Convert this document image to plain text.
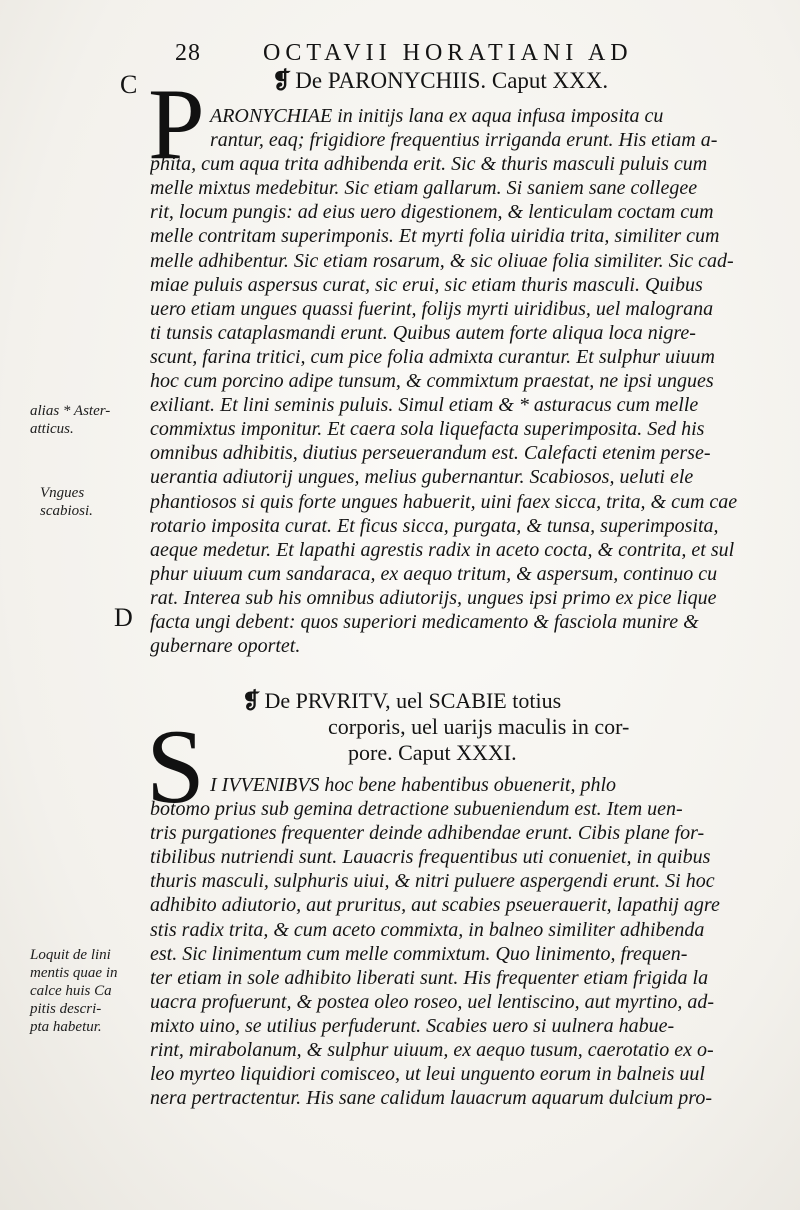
28	OCTAVII HORATIANI AD
C	❡ De PARONYCHIIS. Caput XXX.
P ARONYCHIAE in initijs lana ex aqua infusa imposita cu
rantur, eaq; frigidiore frequentius irriganda erunt. His etiam a-
phita, cum aqua trita adhibenda erit. Sic & thuris masculi puluis cum
melle mixtus medebitur. Sic etiam gallarum. Si saniem sane collegee
rit, locum pungis: ad eius uero digestionem, & lenticulam coctam cum
melle contritam superimponis. Et myrti folia uiridia trita, similiter cum
melle adhibentur. Sic etiam rosarum, & sic oliuae folia similiter. Sic cad-
miae puluis aspersus curat, sic erui, sic etiam thuris masculi. Quibus
uero etiam ungues quassi fuerint, folijs myrti uiridibus, uel malograna
ti tunsis cataplasmandi erunt. Quibus autem forte aliqua loca nigre-
scunt, farina tritici, cum pice folia admixta curantur. Et sulphur uiuum
hoc cum porcino adipe tunsum, & commixtum praestat, ne ipsi ungues
exiliant. Et lini seminis puluis. Simul etiam & * asturacus cum melle
commixtus imponitur. Et caera sola liquefacta superimposita. Sed his
omnibus adhibitis, diutius perseuerandum est. Calefacti etenim perse-
uerantia adiutorij ungues, melius gubernantur. Scabiosos, ueluti ele
phantiosos si quis forte ungues habuerit, uini faex sicca, trita, & cum cae
rotario imposita curat. Et ficus sicca, purgata, & tunsa, superimposita,
aeque medetur. Et lapathi agrestis radix in aceto cocta, & contrita, et sul
phur uiuum cum sandaraca, ex aequo tritum, & aspersum, continuo cu
rat. Interea sub his omnibus adiutorijs, ungues ipsi primo ex pice lique
facta ungi debent: quos superiori medicamento & fasciola munire &
gubernare oportet.
D
❡ De PRVRITV, uel SCABIE totius
corporis, uel uarijs maculis in cor-
pore. Caput XXXI.
S I IVVENIBVS hoc bene habentibus obuenerit, phlo
botomo prius sub gemina detractione subueniendum est. Item uen-
tris purgationes frequenter deinde adhibendae erunt. Cibis plane for-
tibilibus nutriendi sunt. Lauacris frequentibus uti conueniet, in quibus
thuris masculi, sulphuris uiui, & nitri puluere aspergendi erunt. Si hoc
adhibito adiutorio, aut pruritus, aut scabies pseuerauerit, lapathij agre
stis radix trita, & cum aceto commixta, in balneo similiter adhibenda
est. Sic linimentum cum melle commixtum. Quo linimento, frequen-
ter etiam in sole adhibito liberati sunt. His frequenter etiam frigida la
uacra profuerunt, & postea oleo roseo, uel lentiscino, aut myrtino, ad-
mixto uino, se utilius perfuderunt. Scabies uero si uulnera habue-
rint, mirabolanum, & sulphur uiuum, ex aequo tusum, caerotatio ex o-
leo myrteo liquidiori comisceo, ut leui unguento eorum in balneis uul
nera pertractentur. His sane calidum lauacrum aquarum dulcium pro-
alias * Aster-
atticus.
Vngues
scabiosi.
Loquit de lini
mentis quae in
calce huis Ca
pitis descri-
pta habetur.
